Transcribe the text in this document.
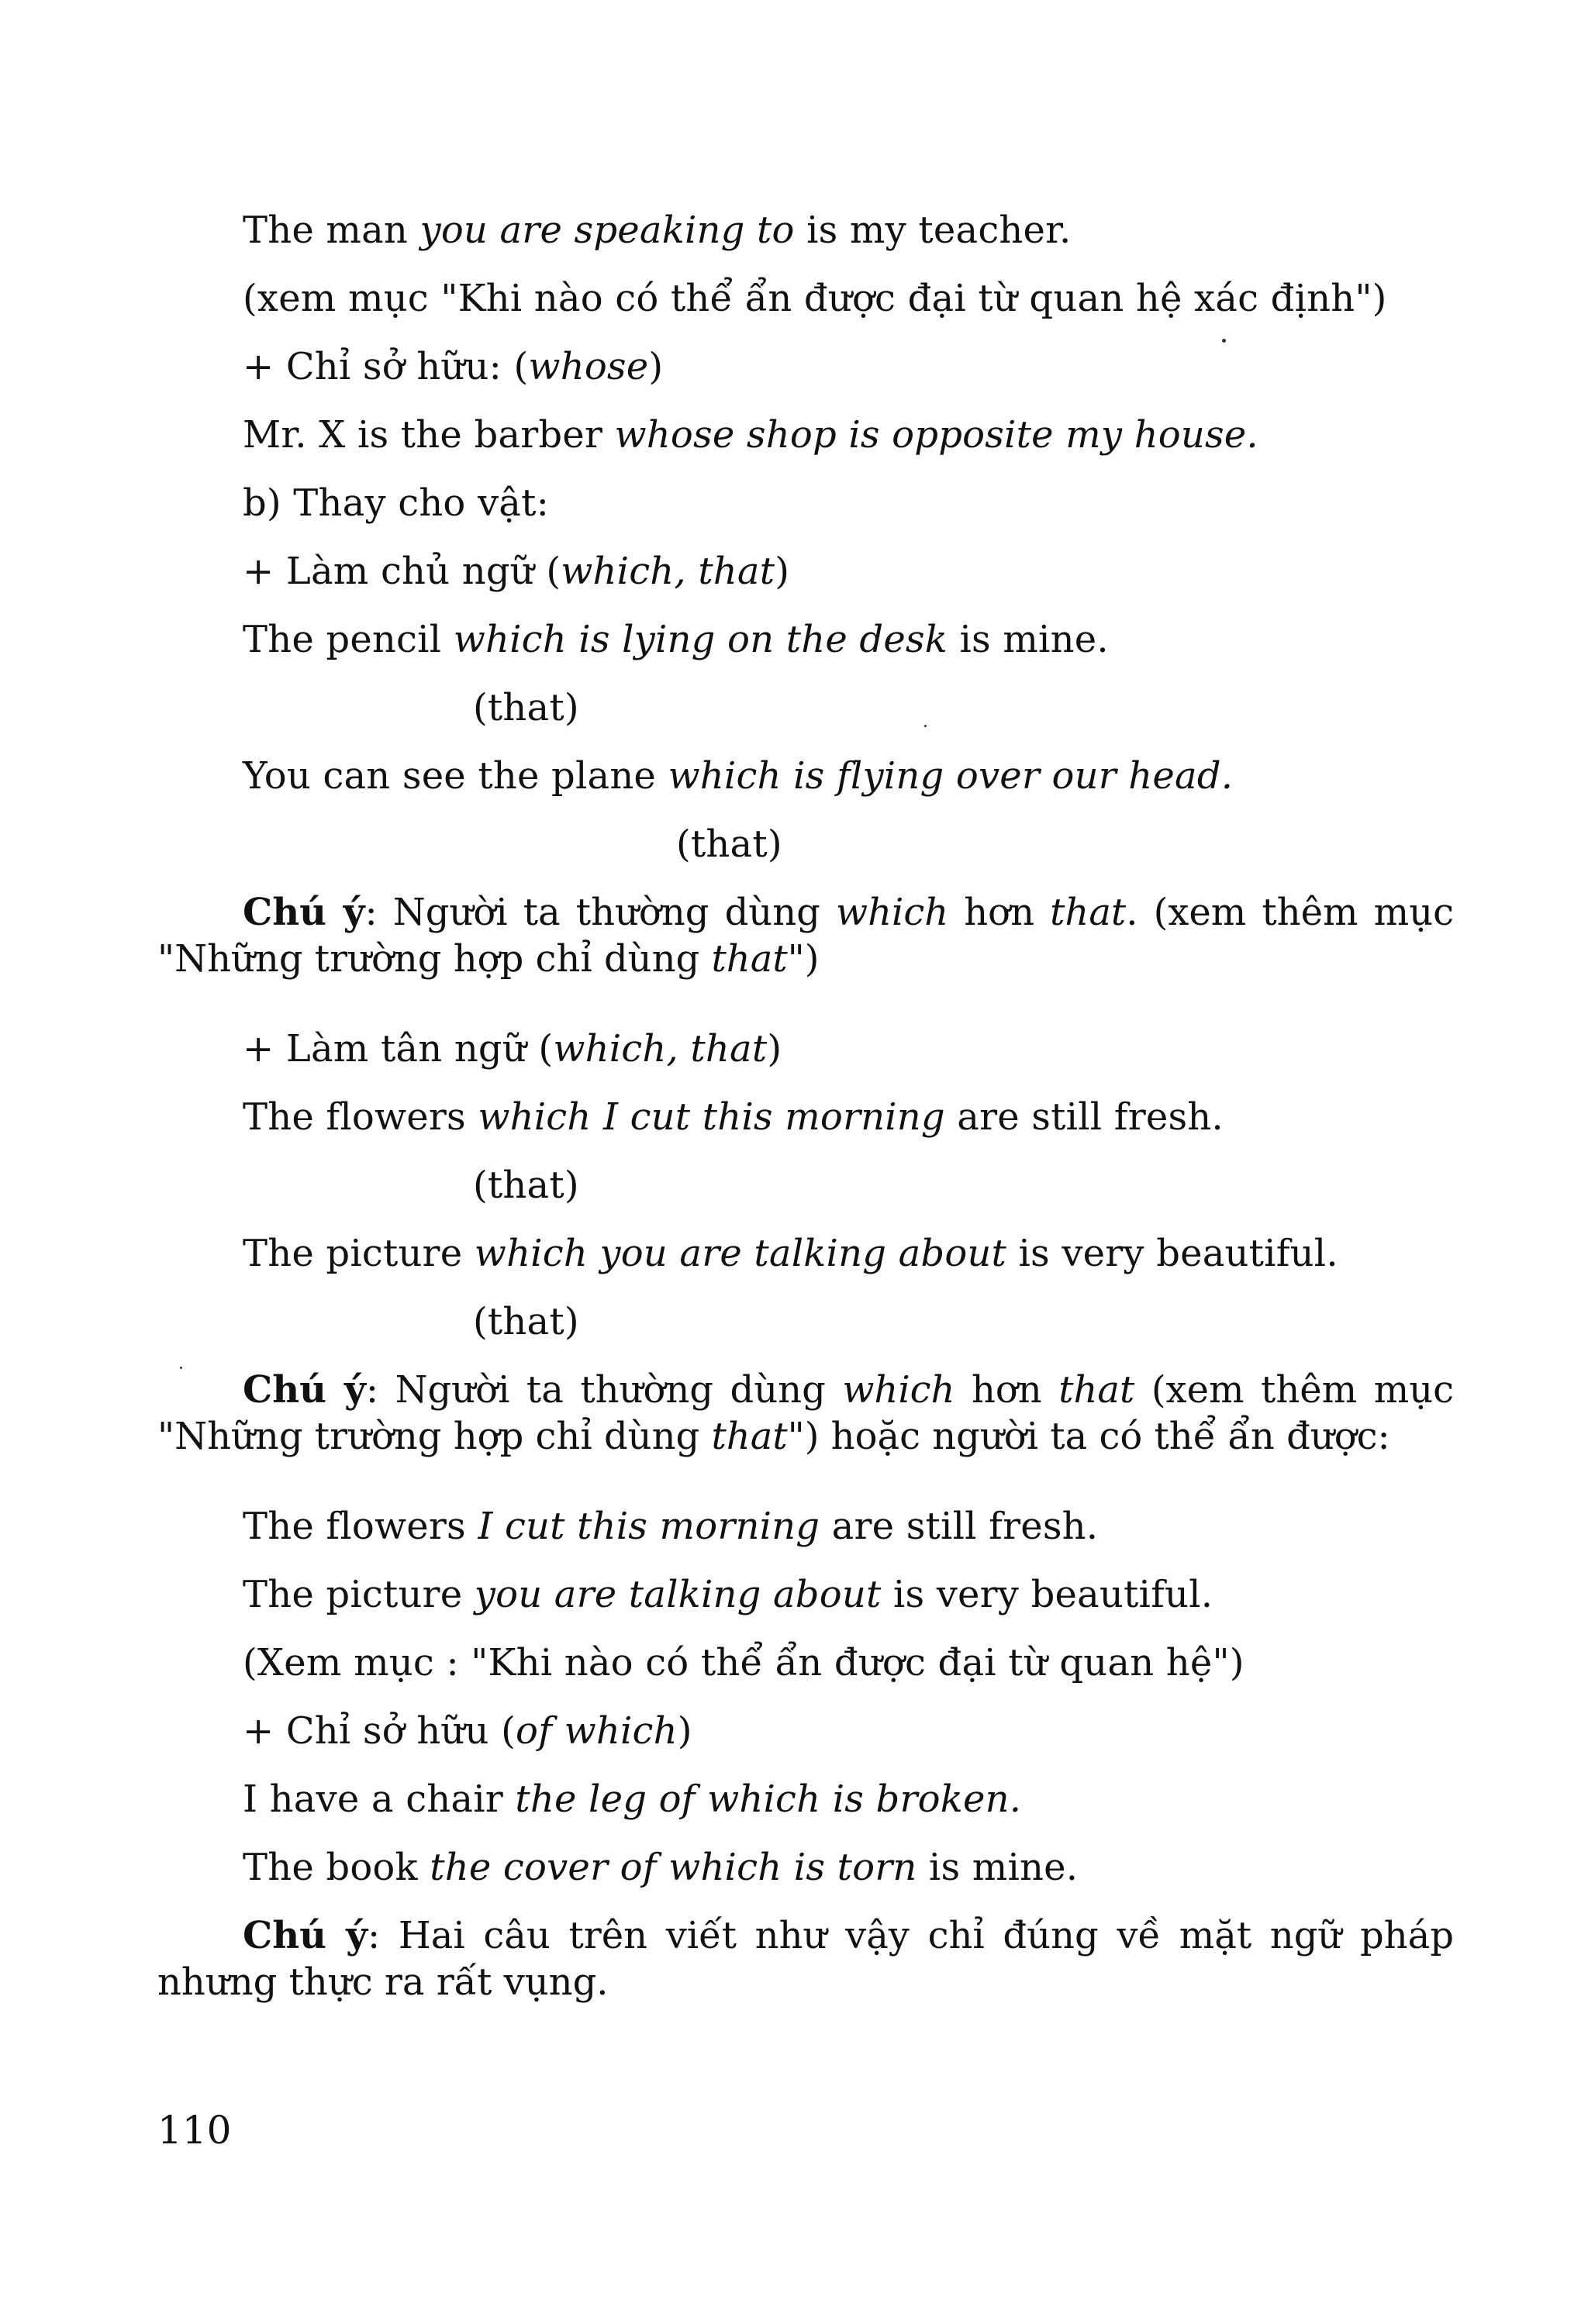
The man you are speaking to is my teacher.
(xem mục "Khi nào có thể ẩn được đại từ quan hệ xác định")
+ Chỉ sở hữu: (whose)
Mr. X is the barber whose shop is opposite my house.
b) Thay cho vật:
+ Làm chủ ngữ (which, that)
The pencil which is lying on the desk is mine.
(that)
You can see the plane which is flying over our head.
(that)
Chú ý: Người ta thường dùng which hơn that. (xem thêm mục "Những trường hợp chỉ dùng that")
+ Làm tân ngữ (which, that)
The flowers which I cut this morning are still fresh.
(that)
The picture which you are talking about is very beautiful.
(that)
Chú ý: Người ta thường dùng which hơn that (xem thêm mục "Những trường hợp chỉ dùng that") hoặc người ta có thể ẩn được:
The flowers I cut this morning are still fresh.
The picture you are talking about is very beautiful.
(Xem mục : "Khi nào có thể ẩn được đại từ quan hệ")
+ Chỉ sở hữu (of which)
I have a chair the leg of which is broken.
The book the cover of which is torn is mine.
Chú ý: Hai câu trên viết như vậy chỉ đúng về mặt ngữ pháp nhưng thực ra rất vụng.
110
